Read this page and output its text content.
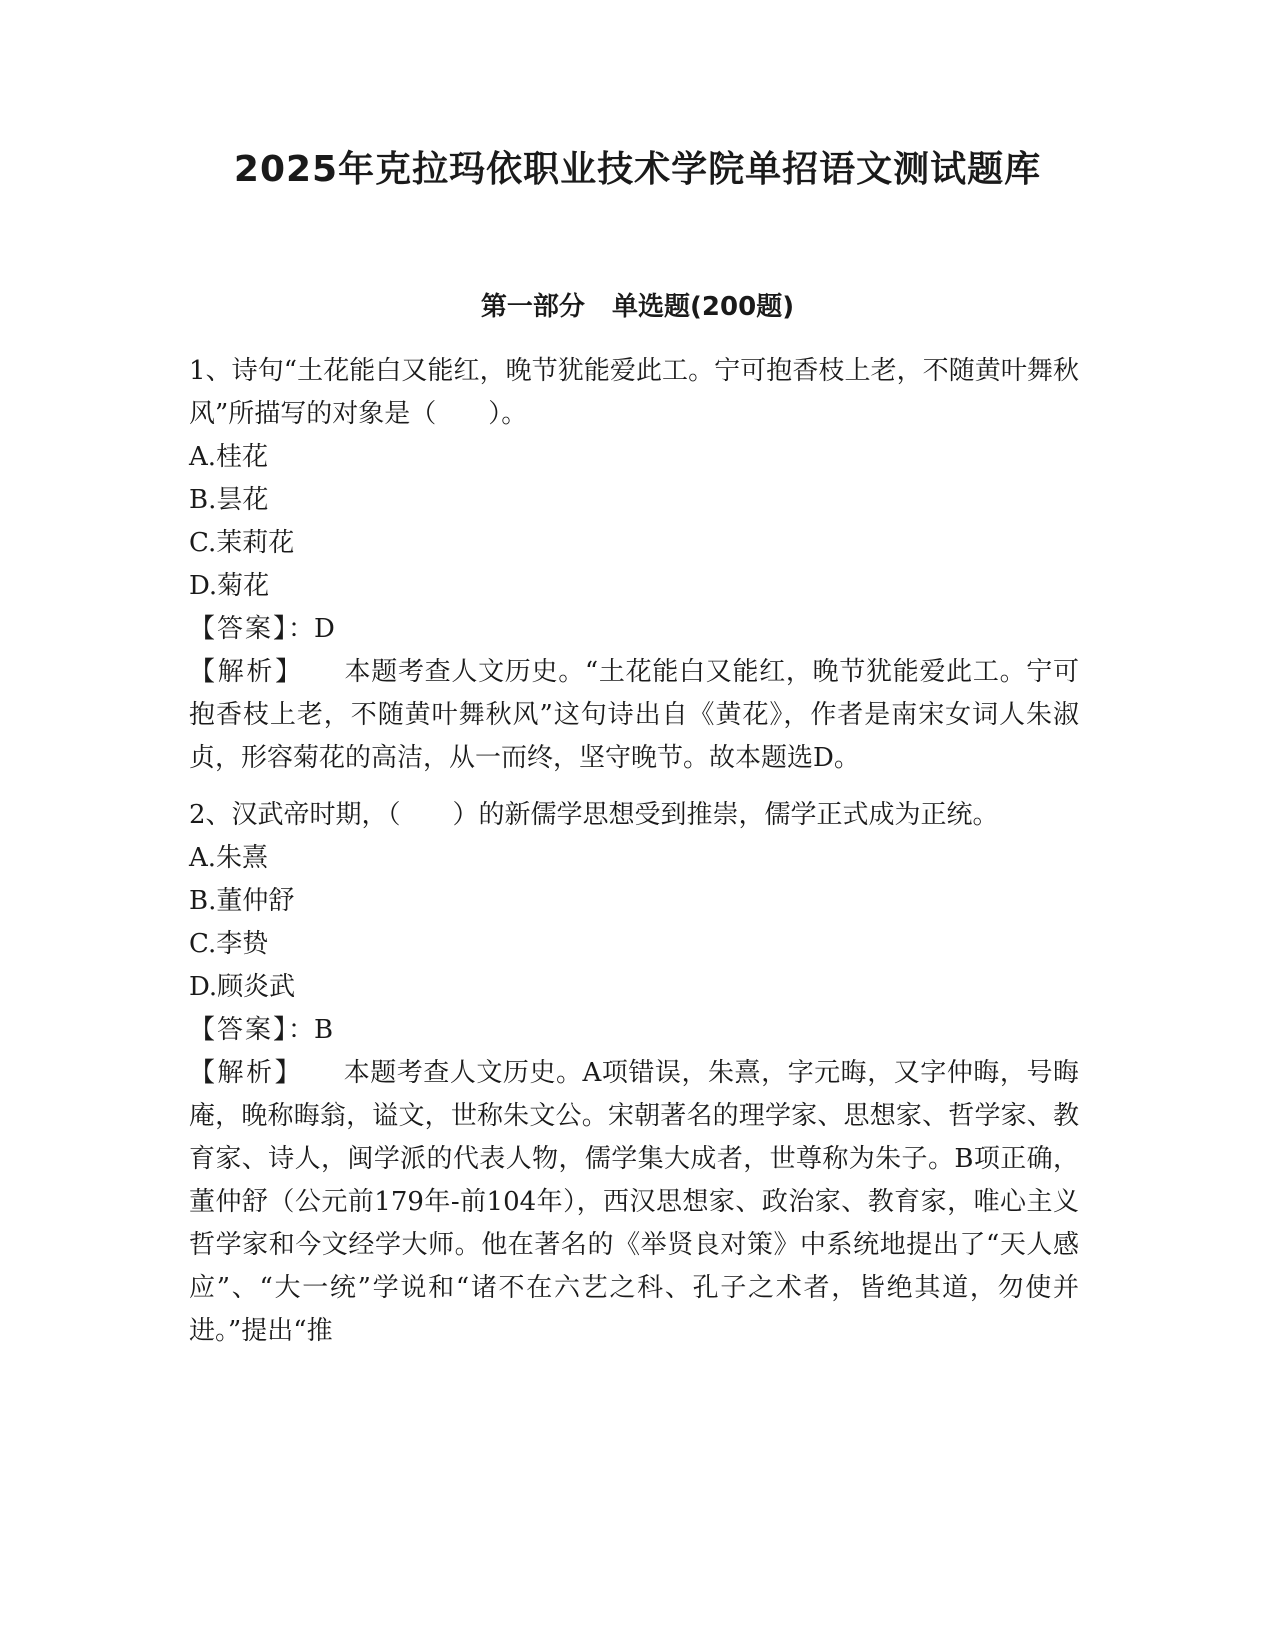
2025年克拉玛依职业技术学院单招语文测试题库
第一部分   单选题(200题)

1、诗句“土花能白又能红，晚节犹能爱此工。宁可抱香枝上老，不随黄叶舞秋风”所描写的对象是（　　）。

A.桂花

B.昙花

C.茉莉花

D.菊花

【答案】：D

【解析】 本题考查人文历史。“土花能白又能红，晚节犹能爱此工。宁可抱香枝上老，不随黄叶舞秋风”这句诗出自《黄花》，作者是南宋女词人朱淑贞，形容菊花的高洁，从一而终，坚守晚节。故本题选D。

2、汉武帝时期，（　　）的新儒学思想受到推崇，儒学正式成为正统。

A.朱熹

B.董仲舒

C.李贽

D.顾炎武

【答案】：B

【解析】 本题考查人文历史。A项错误，朱熹，字元晦，又字仲晦，号晦庵，晚称晦翁，谥文，世称朱文公。宋朝著名的理学家、思想家、哲学家、教育家、诗人，闽学派的代表人物，儒学集大成者，世尊称为朱子。B项正确，董仲舒（公元前179年-前104年），西汉思想家、政治家、教育家，唯心主义哲学家和今文经学大师。他在著名的《举贤良对策》中系统地提出了“天人感应”、“大一统”学说和“诸不在六艺之科、孔子之术者，皆绝其道，勿使并进。”提出“推
